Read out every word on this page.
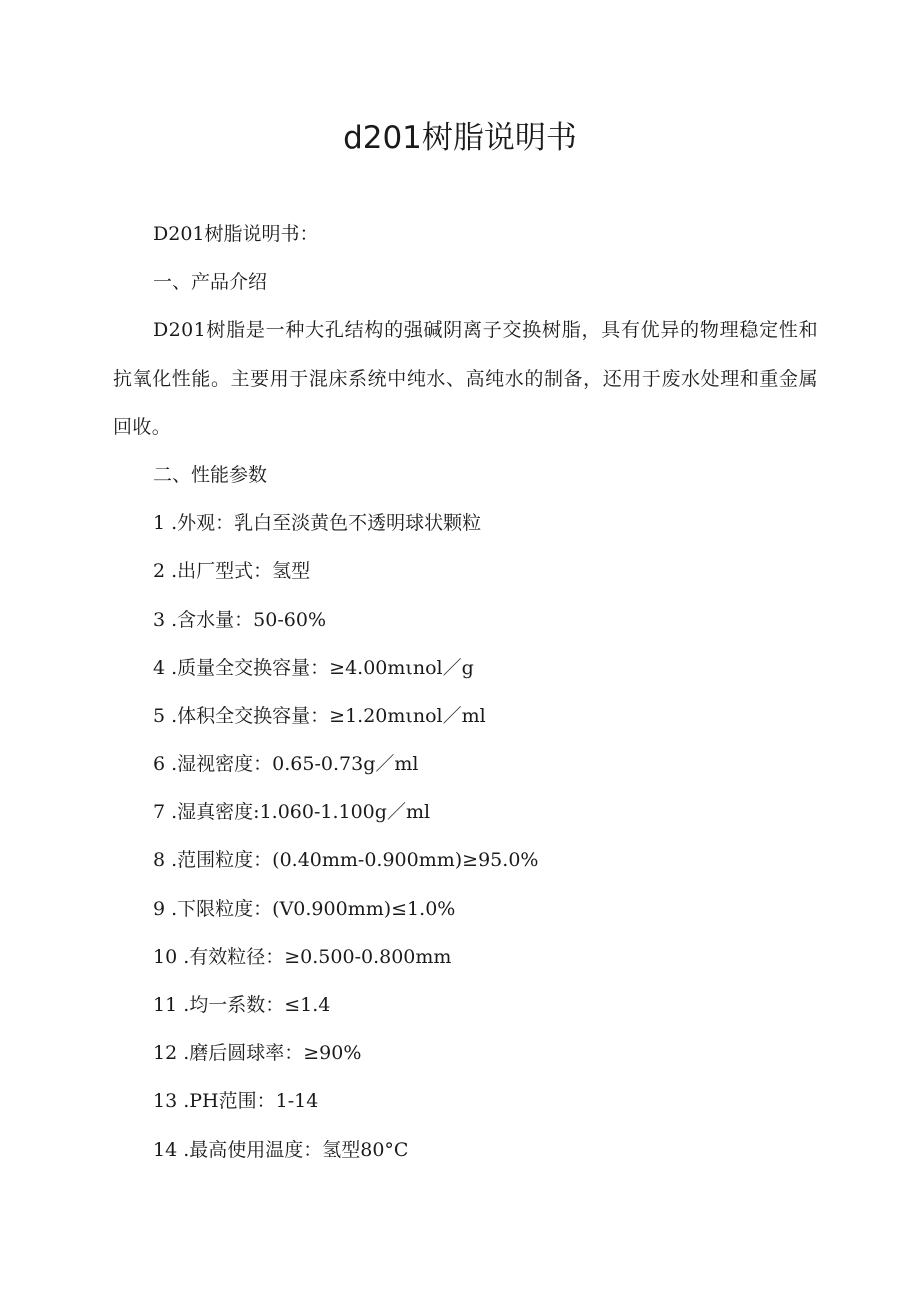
d201树脂说明书

D201树脂说明书：

一、产品介绍

D201树脂是一种大孔结构的强碱阴离子交换树脂，具有优异的物理稳定性和抗氧化性能。主要用于混床系统中纯水、高纯水的制备，还用于废水处理和重金属回收。

二、性能参数

1 .外观：乳白至淡黄色不透明球状颗粒
2 .出厂型式：氢型
3 .含水量：50-60%
4 .质量全交换容量：≥4.00mιnol／g
5 .体积全交换容量：≥1.20mιnol／ml
6 .湿视密度：0.65-0.73g／ml
7 .湿真密度:1.060-1.100g／ml
8 .范围粒度：(0.40mm-0.900mm)≥95.0%
9 .下限粒度：(V0.900mm)≤1.0%
10 .有效粒径：≥0.500-0.800mm
11 .均一系数：≤1.4
12 .磨后圆球率：≥90%
13 .PH范围：1-14
14 .最高使用温度：氢型80°C
